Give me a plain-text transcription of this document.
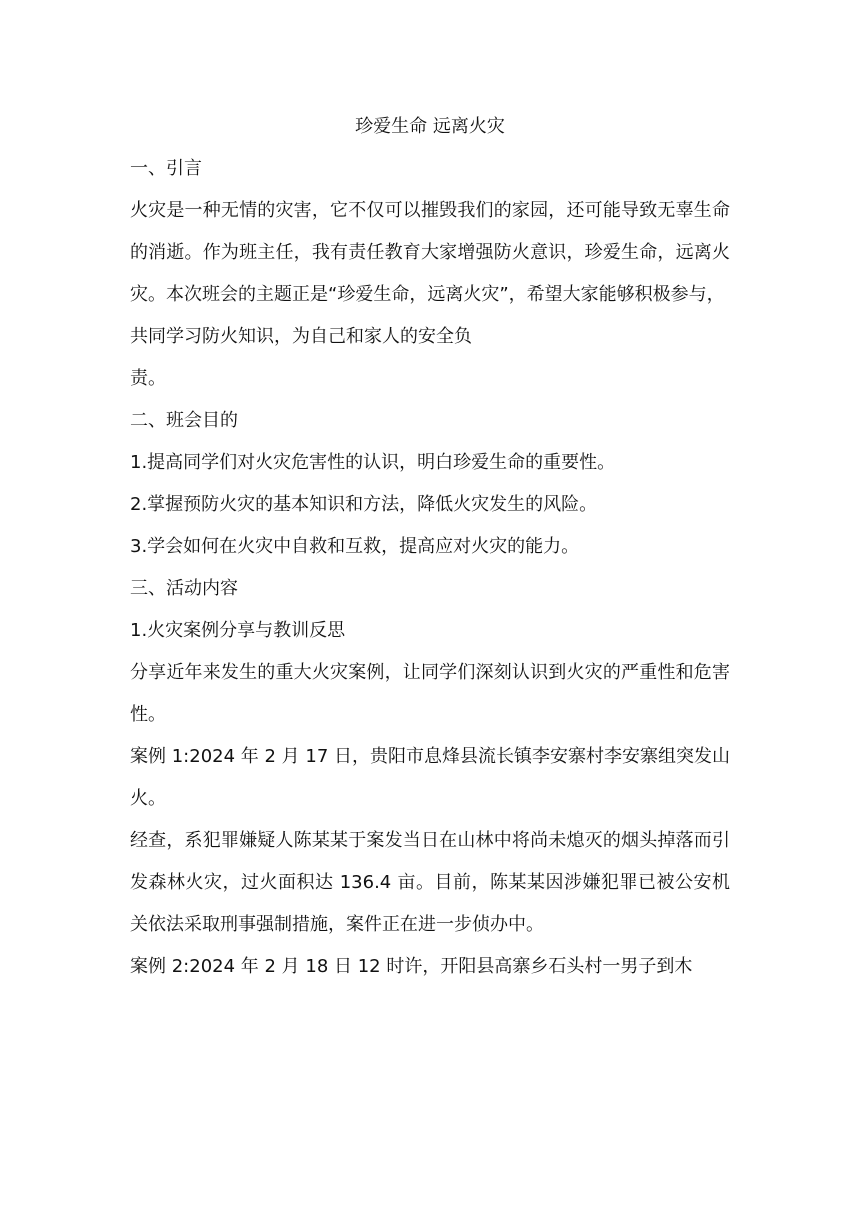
珍爱生命 远离火灾

一、引言

火灾是一种无情的灾害，它不仅可以摧毁我们的家园，还可能导致无辜生命的消逝。作为班主任，我有责任教育大家增强防火意识，珍爱生命，远离火灾。本次班会的主题正是“珍爱生命，远离火灾”，希望大家能够积极参与，

共同学习防火知识，为自己和家人的安全负

责。

二、班会目的

1.提高同学们对火灾危害性的认识，明白珍爱生命的重要性。

2.掌握预防火灾的基本知识和方法，降低火灾发生的风险。

3.学会如何在火灾中自救和互救，提高应对火灾的能力。

三、活动内容

1.火灾案例分享与教训反思

分享近年来发生的重大火灾案例，让同学们深刻认识到火灾的严重性和危害性。

案例 1:2024 年 2 月 17 日，贵阳市息烽县流长镇李安寨村李安寨组突发山火。

经查，系犯罪嫌疑人陈某某于案发当日在山林中将尚未熄灭的烟头掉落而引发森林火灾，过火面积达 136.4 亩。目前，陈某某因涉嫌犯罪已被公安机关依法采取刑事强制措施，案件正在进一步侦办中。

案例 2:2024 年 2 月 18 日 12 时许，开阳县高寨乡石头村一男子到木
